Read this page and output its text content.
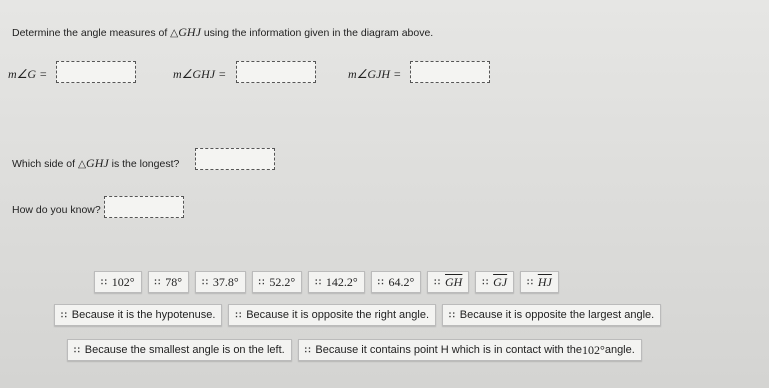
Determine the angle measures of △GHJ using the information given in the diagram above.
m∠G =	m∠GHJ =	m∠GJH =
Which side of △GHJ is the longest?
How do you know?
∷ 102° ∷ 78° ∷ 37.8° ∷ 52.2° ∷ 142.2° ∷ 64.2° ∷ $\overline{GH}$ ∷ $\overline{GJ}$ ∷ $\overline{HJ}$
∷ Because it is the hypotenuse. ∷ Because it is opposite the right angle. ∷ Because it is opposite the largest angle.
∷ Because the smallest angle is on the left. ∷ Because it contains point H which is in contact with the 102° angle.
